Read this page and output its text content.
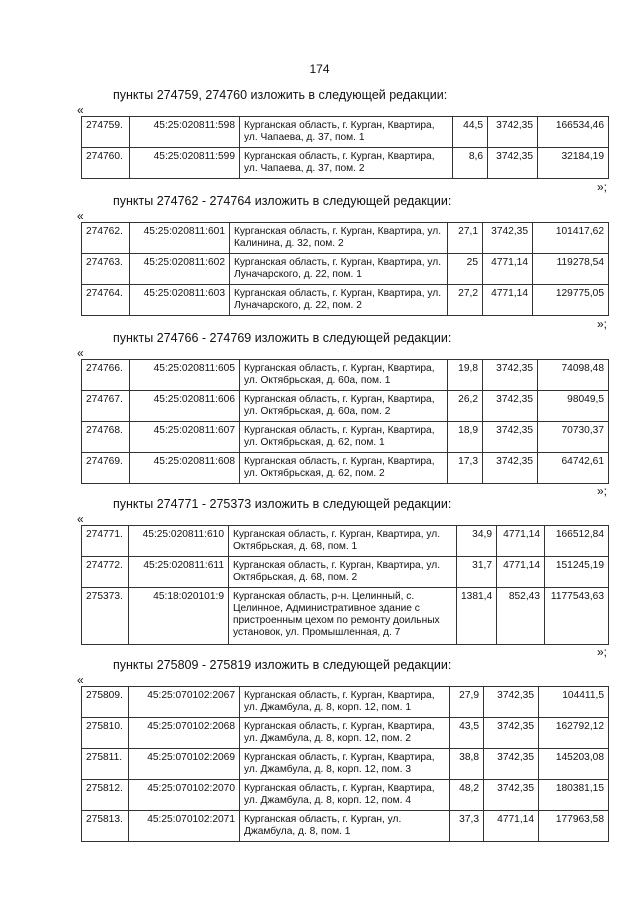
174
пункты 274759, 274760 изложить в следующей редакции:
«
274759.	45:25:020811:598	Курганская область, г. Курган, Квартира, ул. Чапаева, д. 37, пом. 1	44,5	3742,35	166534,46
274760.	45:25:020811:599	Курганская область, г. Курган, Квартира, ул. Чапаева, д. 37, пом. 2	8,6	3742,35	32184,19
»;
пункты 274762 - 274764 изложить в следующей редакции:
«
274762.	45:25:020811:601	Курганская область, г. Курган, Квартира, ул. Калинина, д. 32, пом. 2	27,1	3742,35	101417,62
274763.	45:25:020811:602	Курганская область, г. Курган, Квартира, ул. Луначарского, д. 22, пом. 1	25	4771,14	119278,54
274764.	45:25:020811:603	Курганская область, г. Курган, Квартира, ул. Луначарского, д. 22, пом. 2	27,2	4771,14	129775,05
»;
пункты 274766 - 274769 изложить в следующей редакции:
«
274766.	45:25:020811:605	Курганская область, г. Курган, Квартира, ул. Октябрьская, д. 60а, пом. 1	19,8	3742,35	74098,48
274767.	45:25:020811:606	Курганская область, г. Курган, Квартира, ул. Октябрьская, д. 60а, пом. 2	26,2	3742,35	98049,5
274768.	45:25:020811:607	Курганская область, г. Курган, Квартира, ул. Октябрьская, д. 62, пом. 1	18,9	3742,35	70730,37
274769.	45:25:020811:608	Курганская область, г. Курган, Квартира, ул. Октябрьская, д. 62, пом. 2	17,3	3742,35	64742,61
»;
пункты 274771 - 275373 изложить в следующей редакции:
«
274771.	45:25:020811:610	Курганская область, г. Курган, Квартира, ул. Октябрьская, д. 68, пом. 1	34,9	4771,14	166512,84
274772.	45:25:020811:611	Курганская область, г. Курган, Квартира, ул. Октябрьская, д. 68, пом. 2	31,7	4771,14	151245,19
275373.	45:18:020101:9	Курганская область, р-н. Целинный, с. Целинное, Административное здание с пристроенным цехом по ремонту доильных установок, ул. Промышленная, д. 7	1381,4	852,43	1177543,63
»;
пункты 275809 - 275819 изложить в следующей редакции:
«
275809.	45:25:070102:2067	Курганская область, г. Курган, Квартира, ул. Джамбула, д. 8, корп. 12, пом. 1	27,9	3742,35	104411,5
275810.	45:25:070102:2068	Курганская область, г. Курган, Квартира, ул. Джамбула, д. 8, корп. 12, пом. 2	43,5	3742,35	162792,12
275811.	45:25:070102:2069	Курганская область, г. Курган, Квартира, ул. Джамбула, д. 8, корп. 12, пом. 3	38,8	3742,35	145203,08
275812.	45:25:070102:2070	Курганская область, г. Курган, Квартира, ул. Джамбула, д. 8, корп. 12, пом. 4	48,2	3742,35	180381,15
275813.	45:25:070102:2071	Курганская область, г. Курган, ул. Джамбула, д. 8, пом. 1	37,3	4771,14	177963,58
